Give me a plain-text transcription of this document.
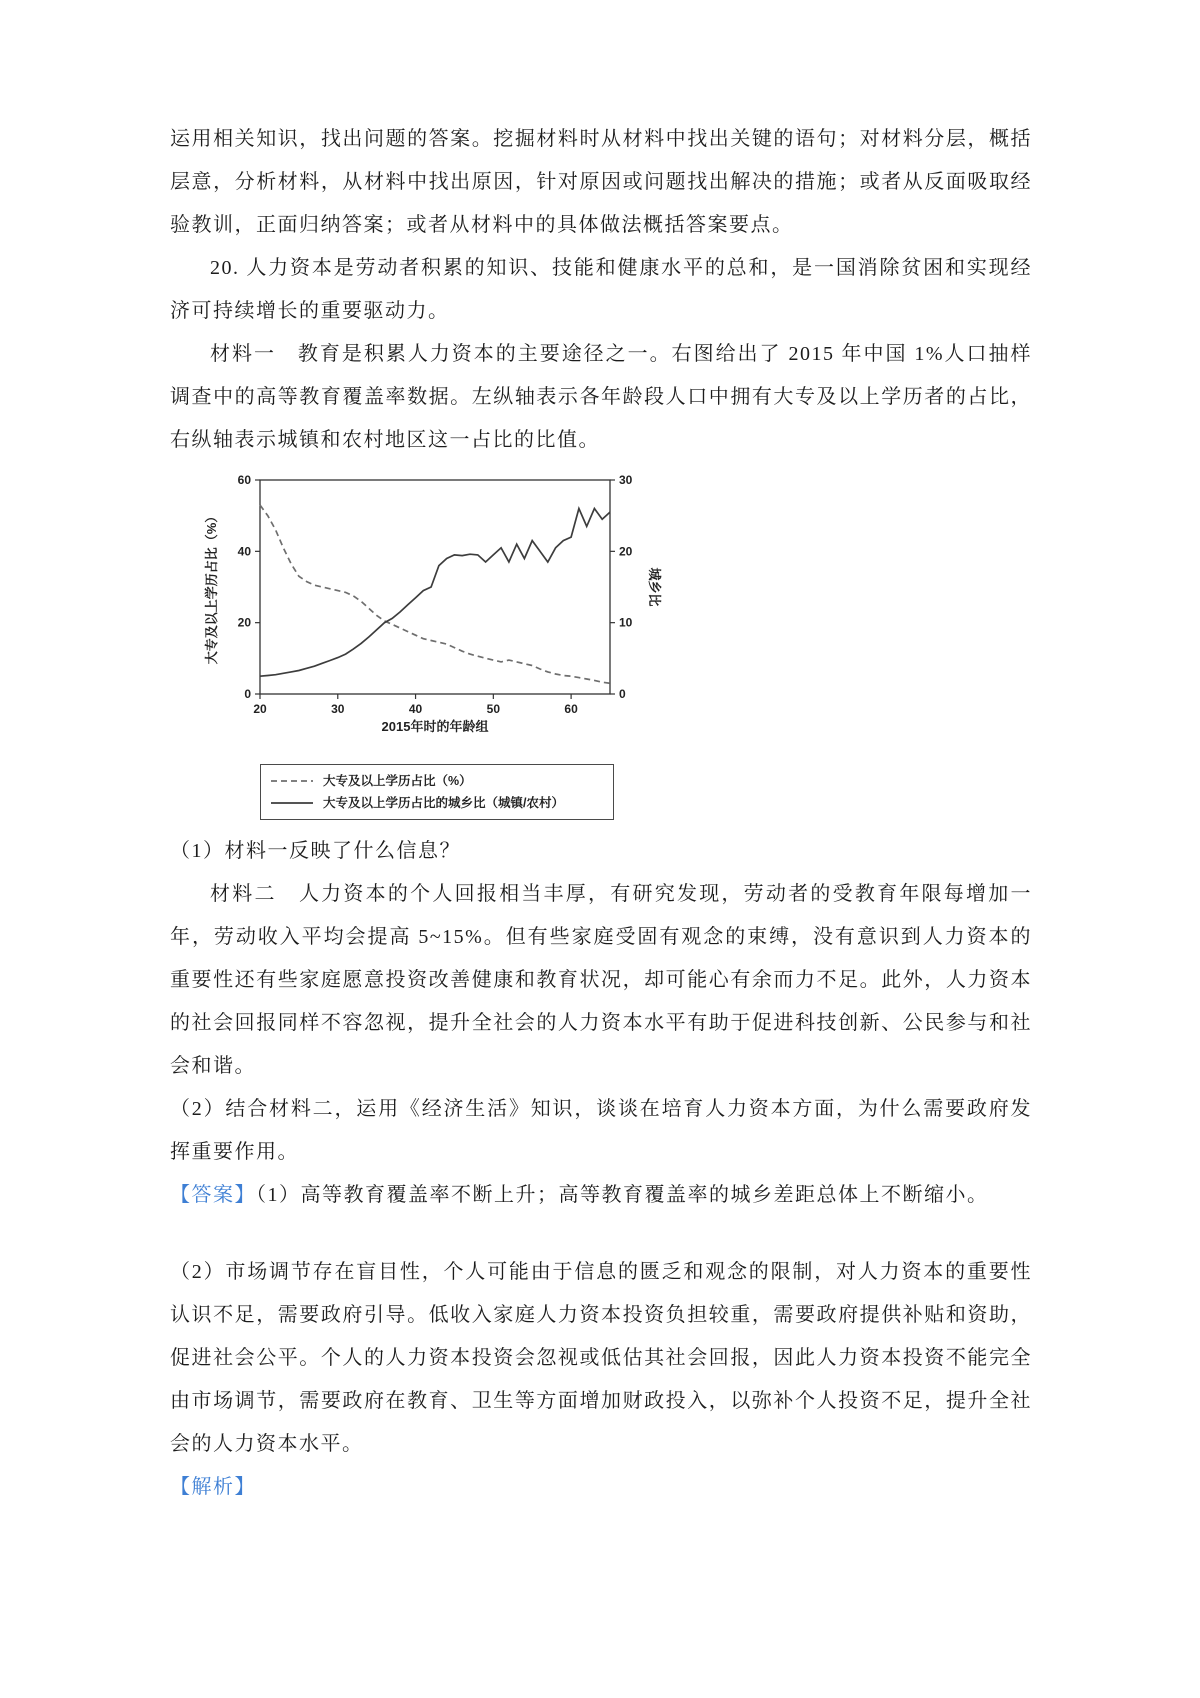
运用相关知识，找出问题的答案。挖掘材料时从材料中找出关键的语句；对材料分层，概括层意，分析材料，从材料中找出原因，针对原因或问题找出解决的措施；或者从反面吸取经验教训，正面归纳答案；或者从材料中的具体做法概括答案要点。

20. 人力资本是劳动者积累的知识、技能和健康水平的总和，是一国消除贫困和实现经济可持续增长的重要驱动力。

材料一　教育是积累人力资本的主要途径之一。右图给出了 2015 年中国 1%人口抽样调查中的高等教育覆盖率数据。左纵轴表示各年龄段人口中拥有大专及以上学历者的占比，右纵轴表示城镇和农村地区这一占比的比值。

大专及以上学历占比（%）	城乡比
2015年时的年龄组
20	30	40	50	60
0
20
40
60
0
10
20
30
大专及以上学历占比（%）
大专及以上学历占比的城乡比（城镇/农村）

（1）材料一反映了什么信息？

材料二　人力资本的个人回报相当丰厚，有研究发现，劳动者的受教育年限每增加一年，劳动收入平均会提高 5~15%。但有些家庭受固有观念的束缚，没有意识到人力资本的重要性还有些家庭愿意投资改善健康和教育状况，却可能心有余而力不足。此外，人力资本的社会回报同样不容忽视，提升全社会的人力资本水平有助于促进科技创新、公民参与和社会和谐。

（2）结合材料二，运用《经济生活》知识，谈谈在培育人力资本方面，为什么需要政府发挥重要作用。

【答案】（1）高等教育覆盖率不断上升；高等教育覆盖率的城乡差距总体上不断缩小。

（2）市场调节存在盲目性，个人可能由于信息的匮乏和观念的限制，对人力资本的重要性认识不足，需要政府引导。低收入家庭人力资本投资负担较重，需要政府提供补贴和资助，促进社会公平。个人的人力资本投资会忽视或低估其社会回报，因此人力资本投资不能完全由市场调节，需要政府在教育、卫生等方面增加财政投入，以弥补个人投资不足，提升全社会的人力资本水平。

【解析】
